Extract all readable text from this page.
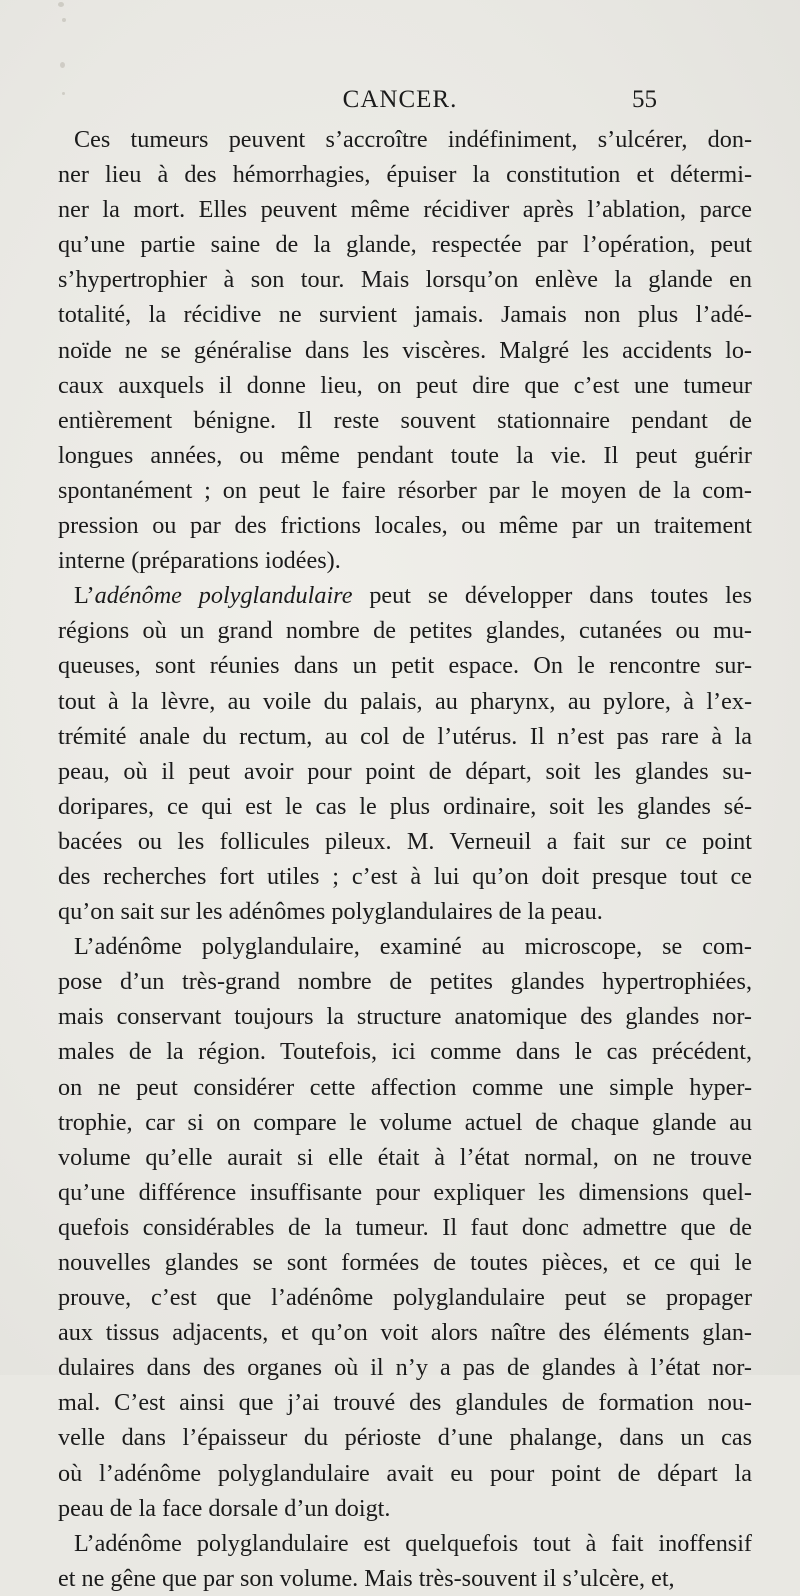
CANCER.	55
Ces tumeurs peuvent s’accroître indéfiniment, s’ulcérer, don-
ner lieu à des hémorrhagies, épuiser la constitution et détermi-
ner la mort. Elles peuvent même récidiver après l’ablation, parce
qu’une partie saine de la glande, respectée par l’opération, peut
s’hypertrophier à son tour. Mais lorsqu’on enlève la glande en
totalité, la récidive ne survient jamais. Jamais non plus l’adé-
noïde ne se généralise dans les viscères. Malgré les accidents lo-
caux auxquels il donne lieu, on peut dire que c’est une tumeur
entièrement bénigne. Il reste souvent stationnaire pendant de
longues années, ou même pendant toute la vie. Il peut guérir
spontanément ; on peut le faire résorber par le moyen de la com-
pression ou par des frictions locales, ou même par un traitement
interne (préparations iodées).
L’adénôme polyglandulaire peut se développer dans toutes les
régions où un grand nombre de petites glandes, cutanées ou mu-
queuses, sont réunies dans un petit espace. On le rencontre sur-
tout à la lèvre, au voile du palais, au pharynx, au pylore, à l’ex-
trémité anale du rectum, au col de l’utérus. Il n’est pas rare à la
peau, où il peut avoir pour point de départ, soit les glandes su-
doripares, ce qui est le cas le plus ordinaire, soit les glandes sé-
bacées ou les follicules pileux. M. Verneuil a fait sur ce point
des recherches fort utiles ; c’est à lui qu’on doit presque tout ce
qu’on sait sur les adénômes polyglandulaires de la peau.
L’adénôme polyglandulaire, examiné au microscope, se com-
pose d’un très-grand nombre de petites glandes hypertrophiées,
mais conservant toujours la structure anatomique des glandes nor-
males de la région. Toutefois, ici comme dans le cas précédent,
on ne peut considérer cette affection comme une simple hyper-
trophie, car si on compare le volume actuel de chaque glande au
volume qu’elle aurait si elle était à l’état normal, on ne trouve
qu’une différence insuffisante pour expliquer les dimensions quel-
quefois considérables de la tumeur. Il faut donc admettre que de
nouvelles glandes se sont formées de toutes pièces, et ce qui le
prouve, c’est que l’adénôme polyglandulaire peut se propager
aux tissus adjacents, et qu’on voit alors naître des éléments glan-
dulaires dans des organes où il n’y a pas de glandes à l’état nor-
mal. C’est ainsi que j’ai trouvé des glandules de formation nou-
velle dans l’épaisseur du périoste d’une phalange, dans un cas
où l’adénôme polyglandulaire avait eu pour point de départ la
peau de la face dorsale d’un doigt.
L’adénôme polyglandulaire est quelquefois tout à fait inoffensif
et ne gêne que par son volume. Mais très-souvent il s’ulcère, et,
